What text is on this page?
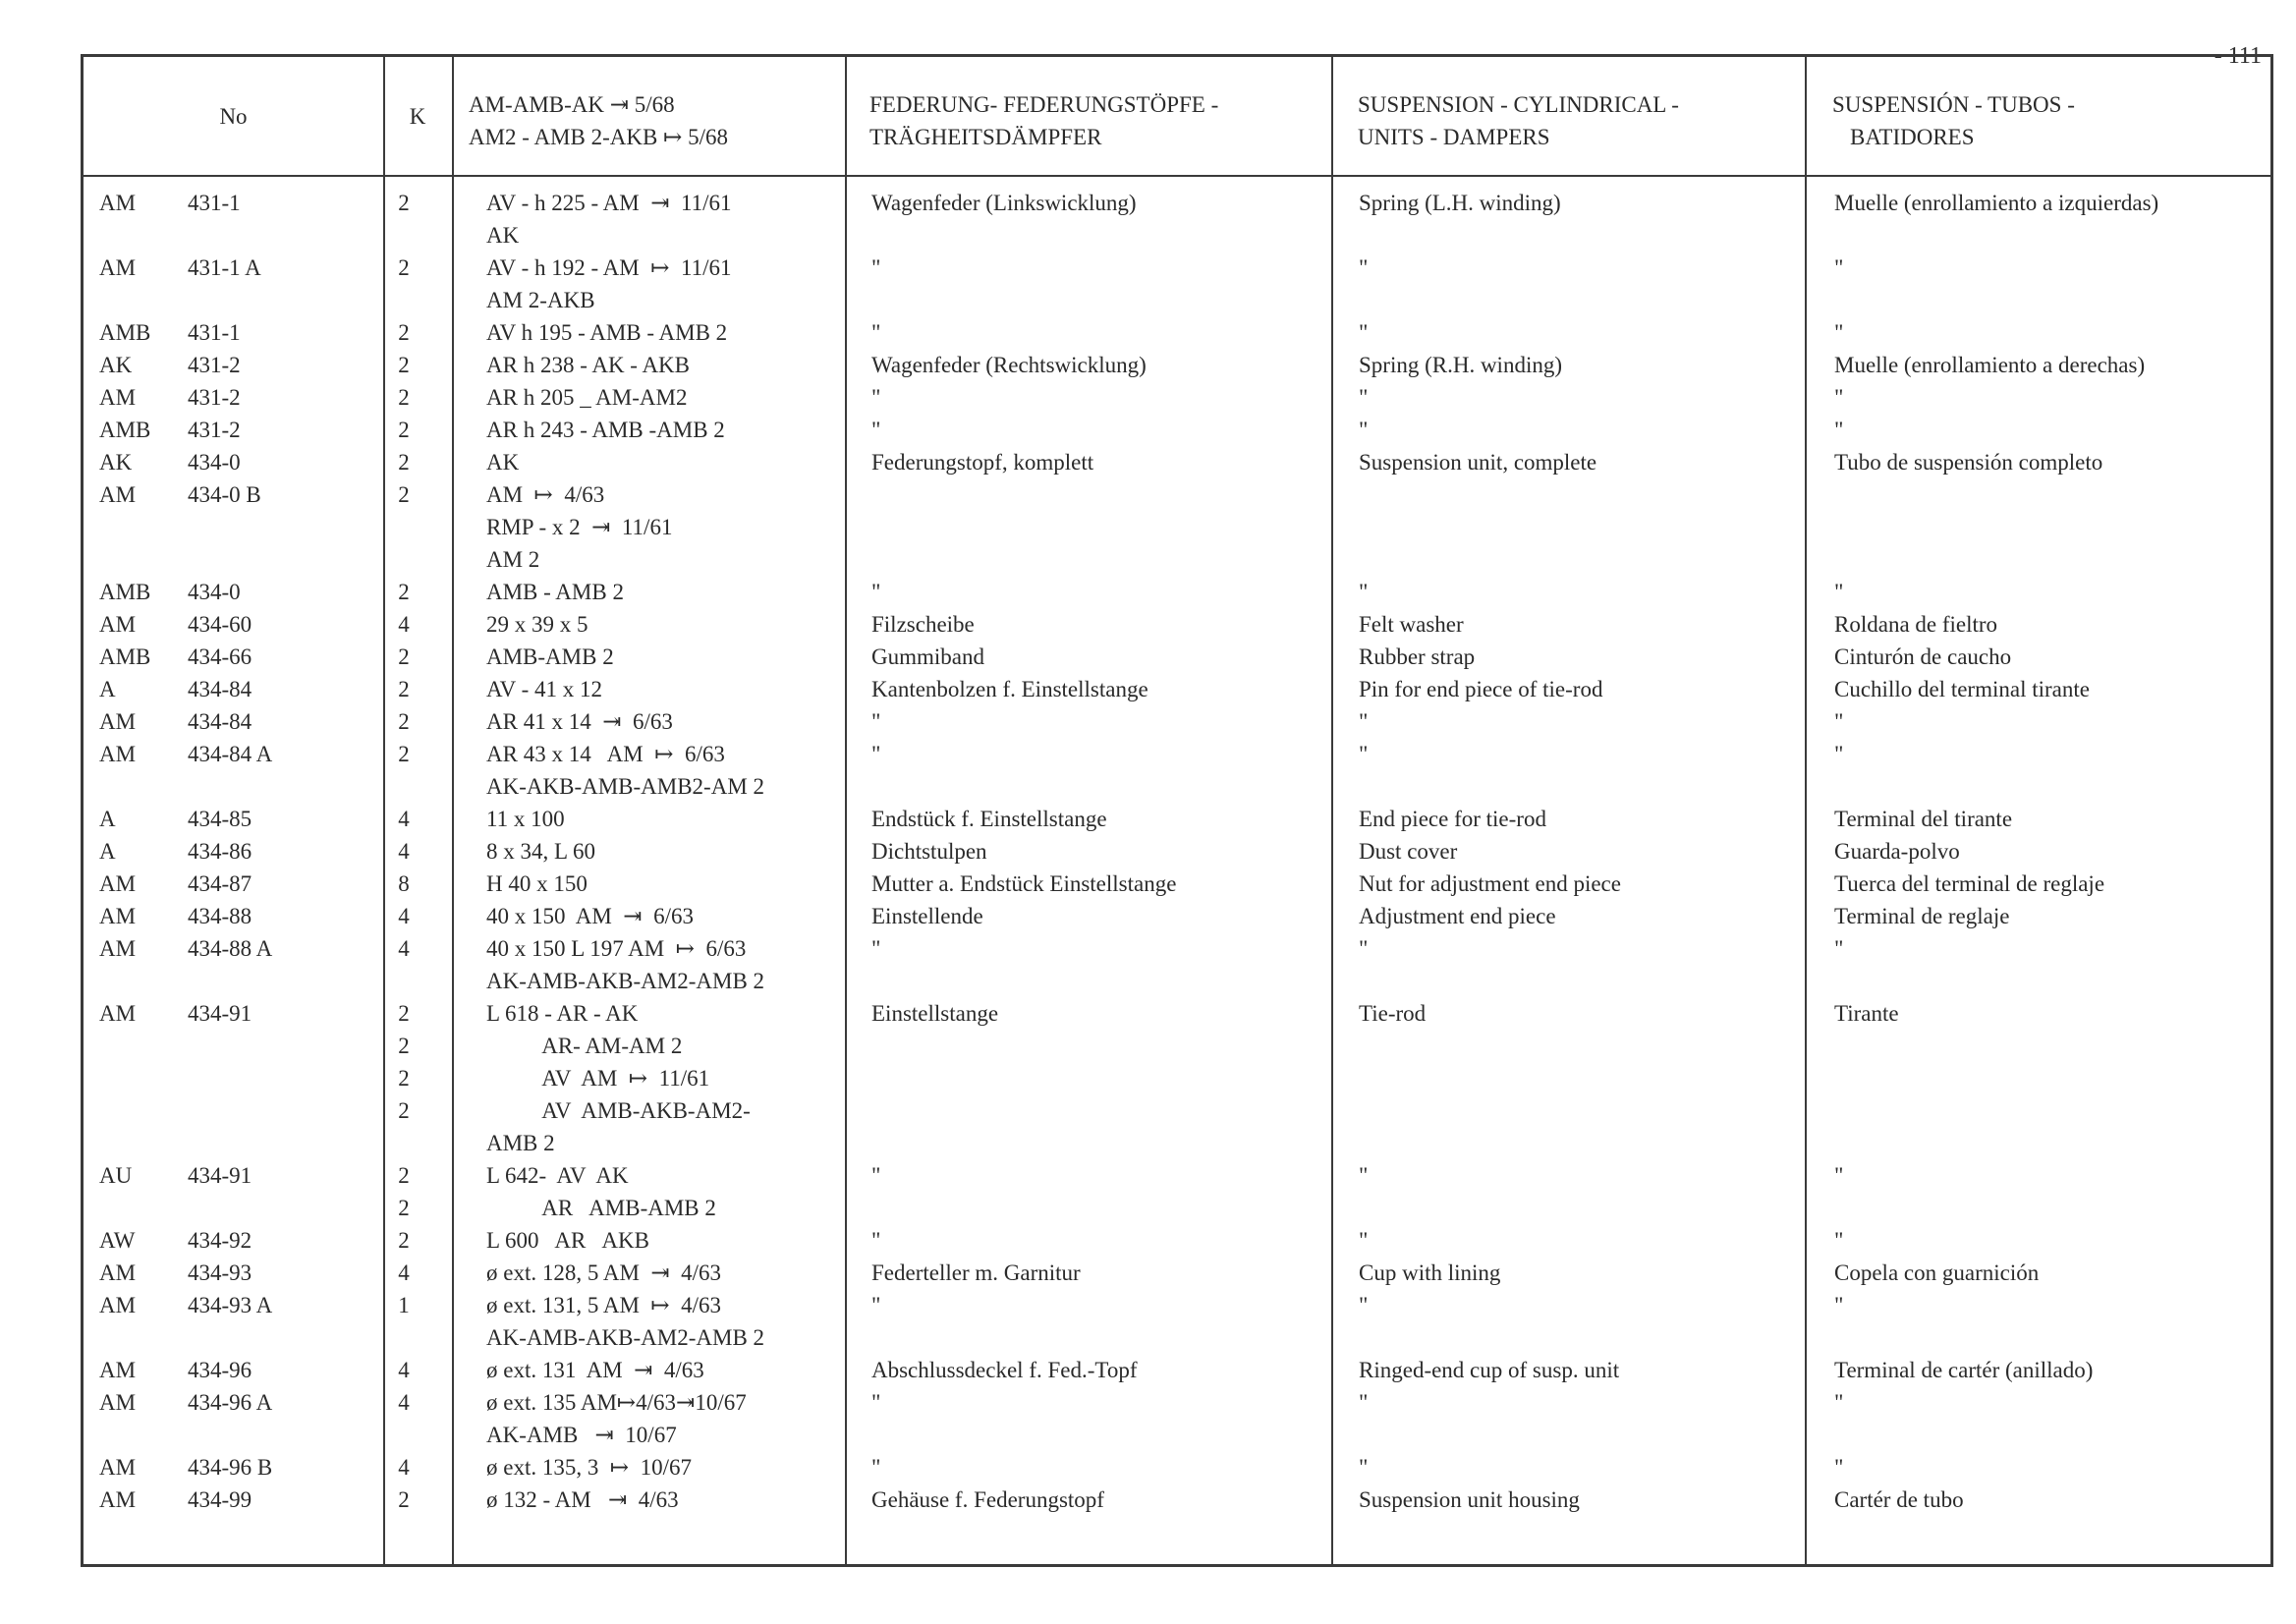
- 111
No	K	AM-AMB-AK ⇥ 5/68
AM2 - AMB 2-AKB ↦ 5/68
FEDERUNG- FEDERUNGSTÖPFE -
TRÄGHEITSDÄMPFER
SUSPENSION - CYLINDRICAL -
UNITS - DAMPERS
SUSPENSIÓN - TUBOS -
BATIDORES
AM 431-1	2	AV - h 225 - AM  ⇥  11/61	Wagenfeder (Linkswicklung)	Spring (L.H. winding)	Muelle (enrollamiento a izquierdas)
AK
AM 431-1 A	2	AV - h 192 - AM  ↦  11/61	"	"	"
AM 2-AKB
AMB 431-1	2	AV h 195 - AMB - AMB 2	"	"	"
AK 431-2	2	AR h 238 - AK - AKB	Wagenfeder (Rechtswicklung)	Spring (R.H. winding)	Muelle (enrollamiento a derechas)
AM 431-2	2	AR h 205 _ AM-AM2	"	"	"
AMB 431-2	2	AR h 243 - AMB -AMB 2	"	"	"
AK 434-0	2	AK	Federungstopf, komplett	Suspension unit, complete	Tubo de suspensión completo
AM 434-0 B	2	AM  ↦  4/63
RMP - x 2  ⇥  11/61
AM 2
AMB 434-0	2	AMB - AMB 2	"	"	"
AM 434-60	4	29 x 39 x 5	Filzscheibe	Felt washer	Roldana de fieltro
AMB 434-66	2	AMB-AMB 2	Gummiband	Rubber strap	Cinturón de caucho
A	434-84	2	AV - 41 x 12	Kantenbolzen f. Einstellstange	Pin for end piece of tie-rod	Cuchillo del terminal tirante
AM 434-84	2	AR 41 x 14  ⇥  6/63	"	"	"
AM 434-84 A	2	AR 43 x 14   AM  ↦  6/63	"	"	"
AK-AKB-AMB-AMB2-AM 2
A	434-85	4	11 x 100	Endstück f. Einstellstange	End piece for tie-rod	Terminal del tirante
A	434-86	4	8 x 34, L 60	Dichtstulpen	Dust cover	Guarda-polvo
AM 434-87	8	H 40 x 150	Mutter a. Endstück Einstellstange	Nut for adjustment end piece	Tuerca del terminal de reglaje
AM 434-88	4	40 x 150  AM  ⇥  6/63	Einstellende	Adjustment end piece	Terminal de reglaje
AM 434-88 A	4	40 x 150 L 197 AM  ↦  6/63	"	"	"
AK-AMB-AKB-AM2-AMB 2
AM 434-91	2	L 618 - AR - AK	Einstellstange	Tie-rod	Tirante
2	AR- AM-AM 2
2	AV  AM  ↦  11/61
2	AV  AMB-AKB-AM2-
AMB 2
AU 434-91	2	L 642-  AV  AK	"	"	"
2	AR   AMB-AMB 2
AW 434-92	2	L 600   AR   AKB	"	"	"
AM 434-93	4	ø ext. 128, 5 AM  ⇥  4/63	Federteller m. Garnitur	Cup with lining	Copela con guarnición
AM 434-93 A	1	ø ext. 131, 5 AM  ↦  4/63	"	"	"
AK-AMB-AKB-AM2-AMB 2
AM 434-96	4	ø ext. 131  AM  ⇥  4/63	Abschlussdeckel f. Fed.-Topf	Ringed-end cup of susp. unit	Terminal de cartér (anillado)
AM 434-96 A	4	ø ext. 135 AM↦4/63⇥10/67	"	"	"
AK-AMB   ⇥  10/67
AM 434-96 B	4	ø ext. 135, 3  ↦  10/67	"	"	"
AM 434-99	2	ø 132 - AM   ⇥  4/63	Gehäuse f. Federungstopf	Suspension unit housing	Cartér de tubo
